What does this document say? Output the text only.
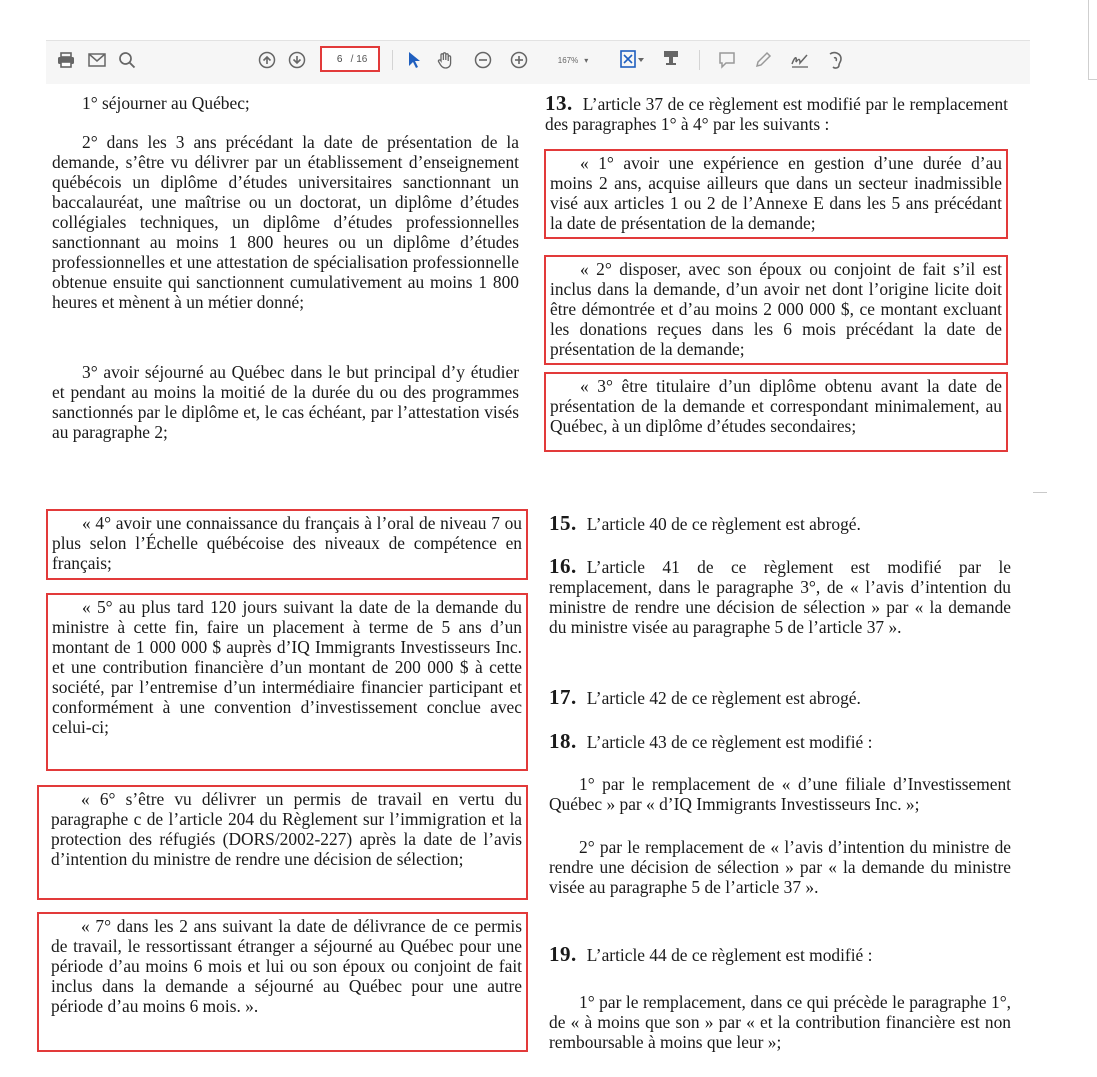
6 / 16	167% ▾

1° séjourner au Québec;

2° dans les 3 ans précédant la date de présentation de la demande, s’être vu délivrer par un établissement d’enseignement québécois un diplôme d’études universitaires sanctionnant un baccalauréat, une maîtrise ou un doctorat, un diplôme d’études collégiales techniques, un diplôme d’études professionnelles sanctionnant au moins 1 800 heures ou un diplôme d’études professionnelles et une attestation de spécialisation professionnelle obtenue ensuite qui sanctionnent cumulativement au moins 1 800 heures et mènent à un métier donné;

3° avoir séjourné au Québec dans le but principal d’y étudier et pendant au moins la moitié de la durée du ou des programmes sanctionnés par le diplôme et, le cas échéant, par l’attestation visés au paragraphe 2;

13. L’article 37 de ce règlement est modifié par le remplacement des paragraphes 1° à 4° par les suivants :

« 1° avoir une expérience en gestion d’une durée d’au moins 2 ans, acquise ailleurs que dans un secteur inadmissible visé aux articles 1 ou 2 de l’Annexe E dans les 5 ans précédant la date de présentation de la demande;

« 2° disposer, avec son époux ou conjoint de fait s’il est inclus dans la demande, d’un avoir net dont l’origine licite doit être démontrée et d’au moins 2 000 000 $, ce montant excluant les donations reçues dans les 6 mois précédant la date de présentation de la demande;

« 3° être titulaire d’un diplôme obtenu avant la date de présentation de la demande et correspondant minimalement, au Québec, à un diplôme d’études secondaires;

« 4° avoir une connaissance du français à l’oral de niveau 7 ou plus selon l’Échelle québécoise des niveaux de compétence en français;

« 5° au plus tard 120 jours suivant la date de la demande du ministre à cette fin, faire un placement à terme de 5 ans d’un montant de 1 000 000 $ auprès d’IQ Immigrants Investisseurs Inc. et une contribution financière d’un montant de 200 000 $ à cette société, par l’entremise d’un intermédiaire financier participant et conformément à une convention d’investissement conclue avec celui-ci;

« 6° s’être vu délivrer un permis de travail en vertu du paragraphe c de l’article 204 du Règlement sur l’immigration et la protection des réfugiés (DORS/2002-227) après la date de l’avis d’intention du ministre de rendre une décision de sélection;

« 7° dans les 2 ans suivant la date de délivrance de ce permis de travail, le ressortissant étranger a séjourné au Québec pour une période d’au moins 6 mois et lui ou son époux ou conjoint de fait inclus dans la demande a séjourné au Québec pour une autre période d’au moins 6 mois. ».

15. L’article 40 de ce règlement est abrogé.
16. L’article 41 de ce règlement est modifié par le remplacement, dans le paragraphe 3°, de « l’avis d’intention du ministre de rendre une décision de sélection » par « la demande du ministre visée au paragraphe 5 de l’article 37 ».
17. L’article 42 de ce règlement est abrogé.
18. L’article 43 de ce règlement est modifié :

1° par le remplacement de « d’une filiale d’Investissement Québec » par « d’IQ Immigrants Investisseurs Inc. »;

2° par le remplacement de « l’avis d’intention du ministre de rendre une décision de sélection » par « la demande du ministre visée au paragraphe 5 de l’article 37 ».

19. L’article 44 de ce règlement est modifié :

1° par le remplacement, dans ce qui précède le paragraphe 1°, de « à moins que son » par « et la contribution financière est non remboursable à moins que leur »;
